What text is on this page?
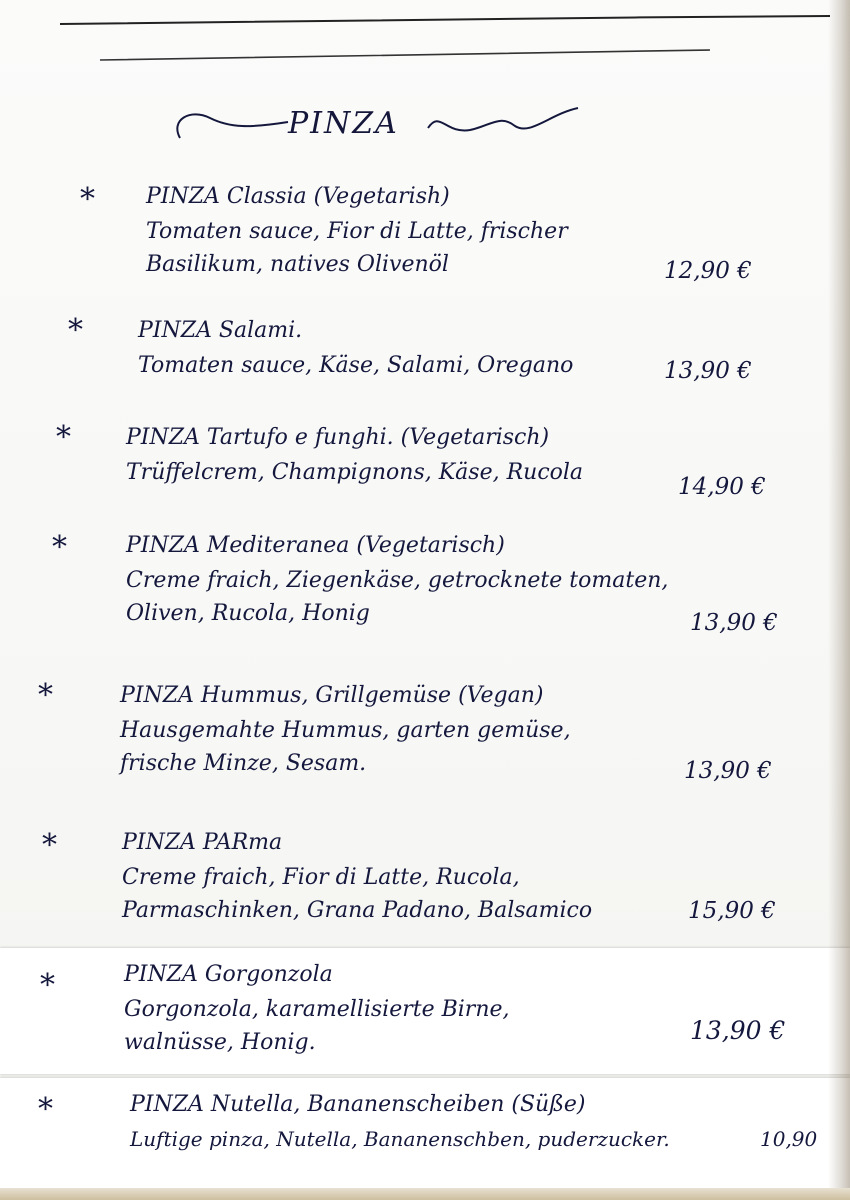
PINZA
* PINZA Classia (Vegetarish)
Tomaten sauce, Fior di Latte, frischer
Basilikum, natives Olivenöl	12,90 €
*	PINZA Salami.
Tomaten sauce, Käse, Salami, Oregano	13,90 €
*	PINZA Tartufo e funghi. (Vegetarisch)
Trüffelcrem, Champignons, Käse, Rucola
14,90 €
*	PINZA Mediteranea (Vegetarisch)
Creme fraich, Ziegenkäse, getrocknete tomaten,
Oliven, Rucola, Honig	13,90 €
*	PINZA Hummus, Grillgemüse (Vegan)
Hausgemahte Hummus, garten gemüse,
frische Minze, Sesam.	13,90 €
*	PINZA PARma
Creme fraich, Fior di Latte, Rucola,
Parmaschinken, Grana Padano, Balsamico	15,90 €
*	PINZA Gorgonzola
Gorgonzola, karamellisierte Birne,
walnüsse, Honig.	13,90 €
*	PINZA Nutella, Bananenscheiben (Süße)
Luftige pinza, Nutella, Bananenschben, puderzucker.	10,90
